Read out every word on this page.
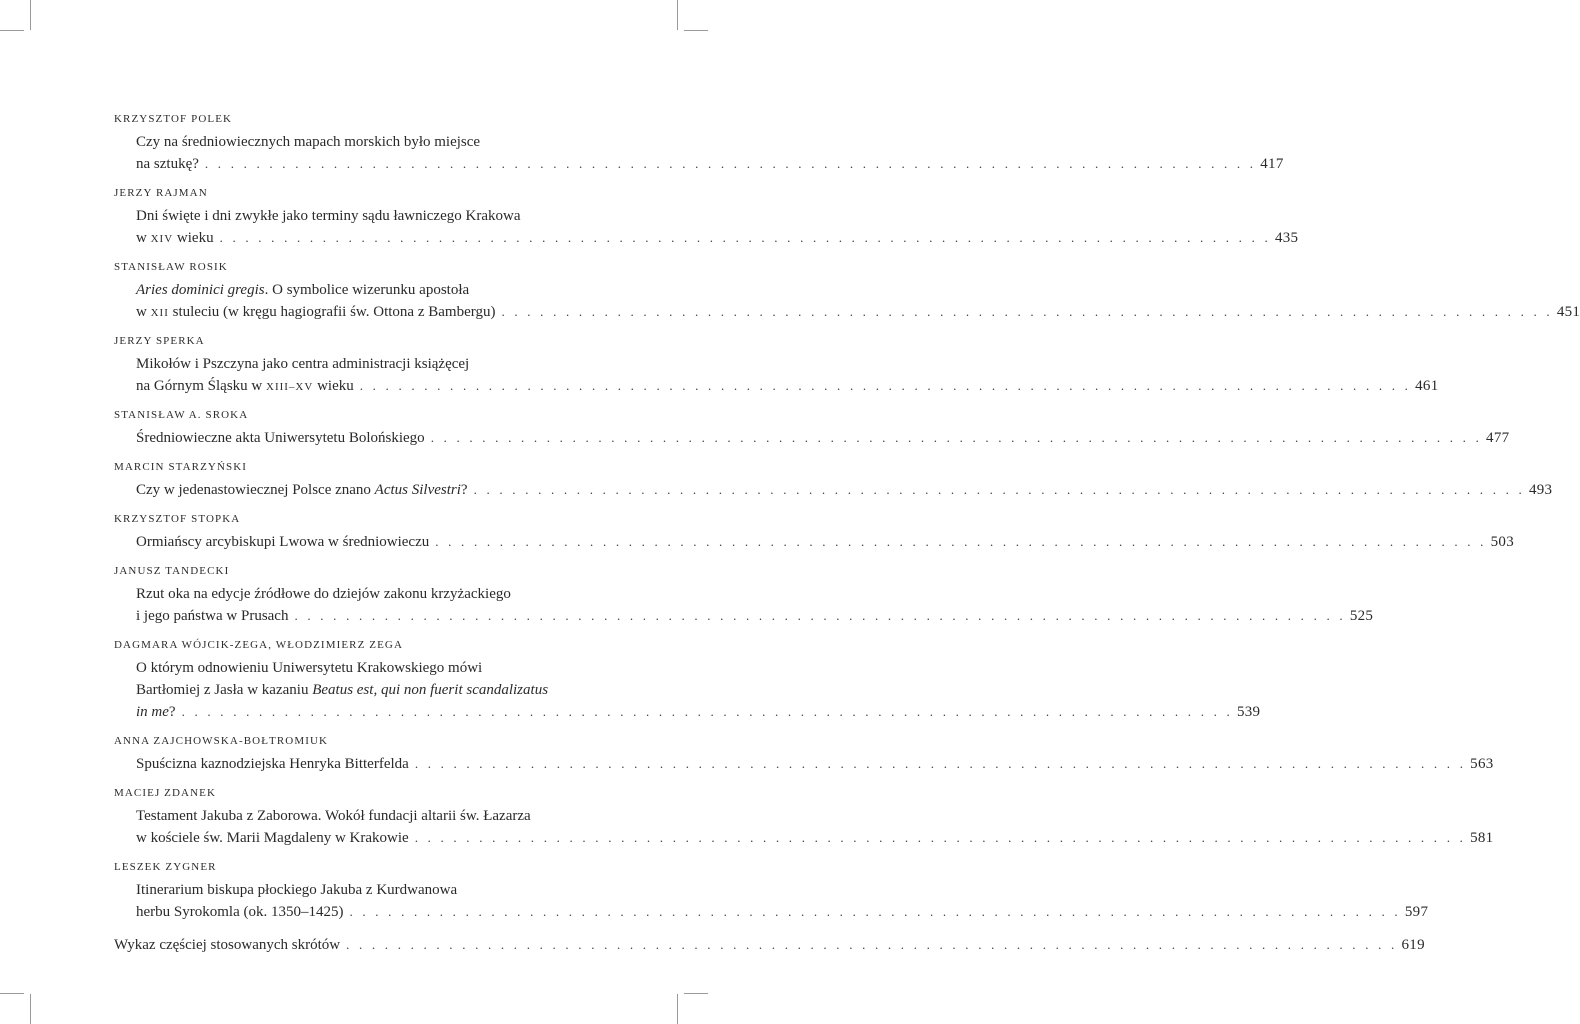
KRZYSZTOF POLEK
Czy na średniowiecznych mapach morskich było miejsce
na sztukę? . . . . . . . . . . . . . . . . . . . . . . . . . . . . . . . . . . . . . . . . . . . . . . . . . . . . . . . . . . . . . . . . . . . . . . . . . . . . . . . . . . 417
JERZY RAJMAN
Dni święte i dni zwykłe jako terminy sądu ławniczego Krakowa
w XIV wieku . . . . . . . . . . . . . . . . . . . . . . . . . . . . . . . . . . . . . . . . . . . . . . . . . . . . . . . . . . . . . . . . . . . . . . . . . . . . . . . . . . 435
STANISŁAW ROSIK
Aries dominici gregis. O symbolice wizerunku apostoła
w XII stuleciu (w kręgu hagiografii św. Ottona z Bambergu) . . . . . . . . . . . . . . . . . . . . . . . . . . . . . . . . . . . . . . . . . . . . . . . . . . . . . . . . . . . . . . . . . . . . . . . . . . . . . . . . . . 451
JERZY SPERKA
Mikołów i Pszczyna jako centra administracji książęcej
na Górnym Śląsku w XIII–XV wieku . . . . . . . . . . . . . . . . . . . . . . . . . . . . . . . . . . . . . . . . . . . . . . . . . . . . . . . . . . . . . . . . . . . . . . . . . . . . . . . . . . 461
STANISŁAW A. SROKA
Średniowieczne akta Uniwersytetu Bolońskiego . . . . . . . . . . . . . . . . . . . . . . . . . . . . . . . . . . . . . . . . . . . . . . . . . . . . . . . . . . . . . . . . . . . . . . . . . . . . . . . . . . 477
MARCIN STARZYŃSKI
Czy w jedenastowiecznej Polsce znano Actus Silvestri? . . . . . . . . . . . . . . . . . . . . . . . . . . . . . . . . . . . . . . . . . . . . . . . . . . . . . . . . . . . . . . . . . . . . . . . . . . . . . . . . . . 493
KRZYSZTOF STOPKA
Ormiańscy arcybiskupi Lwowa w średniowieczu . . . . . . . . . . . . . . . . . . . . . . . . . . . . . . . . . . . . . . . . . . . . . . . . . . . . . . . . . . . . . . . . . . . . . . . . . . . . . . . . . . 503
JANUSZ TANDECKI
Rzut oka na edycje źródłowe do dziejów zakonu krzyżackiego
i jego państwa w Prusach . . . . . . . . . . . . . . . . . . . . . . . . . . . . . . . . . . . . . . . . . . . . . . . . . . . . . . . . . . . . . . . . . . . . . . . . . . . . . . . . . . 525
DAGMARA WÓJCIK-ZEGA, WŁODZIMIERZ ZEGA
O którym odnowieniu Uniwersytetu Krakowskiego mówi
Bartłomiej z Jasła w kazaniu Beatus est, qui non fuerit scandalizatus
in me? . . . . . . . . . . . . . . . . . . . . . . . . . . . . . . . . . . . . . . . . . . . . . . . . . . . . . . . . . . . . . . . . . . . . . . . . . . . . . . . . . . 539
ANNA ZAJCHOWSKA-BOŁTROMIUK
Spuścizna kaznodziejska Henryka Bitterfelda . . . . . . . . . . . . . . . . . . . . . . . . . . . . . . . . . . . . . . . . . . . . . . . . . . . . . . . . . . . . . . . . . . . . . . . . . . . . . . . . . . 563
MACIEJ ZDANEK
Testament Jakuba z Zaborowa. Wokół fundacji altarii św. Łazarza
w kościele św. Marii Magdaleny w Krakowie . . . . . . . . . . . . . . . . . . . . . . . . . . . . . . . . . . . . . . . . . . . . . . . . . . . . . . . . . . . . . . . . . . . . . . . . . . . . . . . . . . 581
LESZEK ZYGNER
Itinerarium biskupa płockiego Jakuba z Kurdwanowa
herbu Syrokomla (ok. 1350–1425) . . . . . . . . . . . . . . . . . . . . . . . . . . . . . . . . . . . . . . . . . . . . . . . . . . . . . . . . . . . . . . . . . . . . . . . . . . . . . . . . . . 597
Wykaz częściej stosowanych skrótów . . . . . . . . . . . . . . . . . . . . . . . . . . . . . . . . . . . . . . . . . . . . . . . . . . . . . . . . . . . . . . . . . . . . . . . . . . . . . . . . . . 619
